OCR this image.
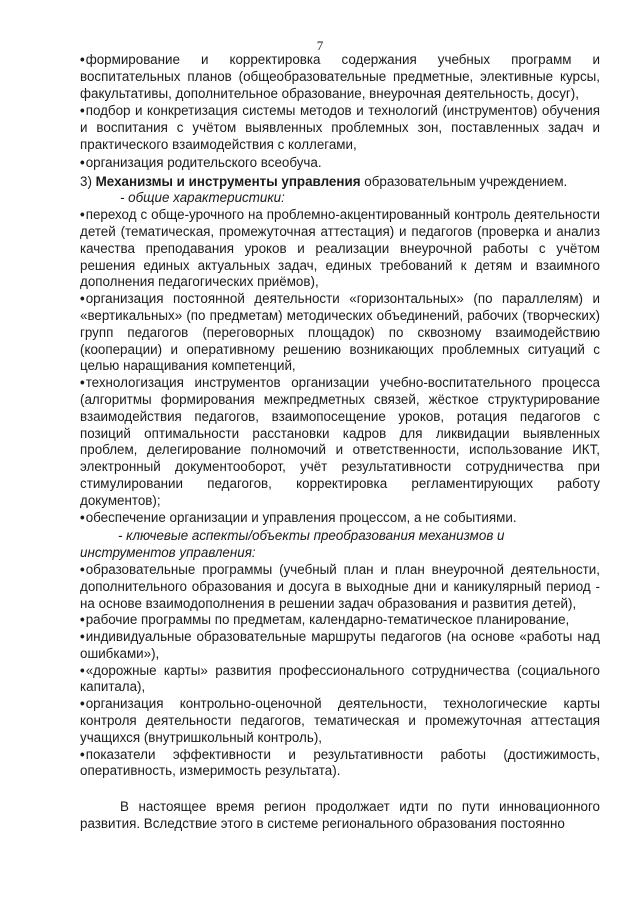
7

• формирование и корректировка содержания учебных программ и воспитательных планов (общеобразовательные предметные, элективные курсы, факультативы, дополнительное образование, внеурочная деятельность, досуг),

• подбор и конкретизация системы методов и технологий (инструментов) обучения и воспитания с учётом выявленных проблемных зон, поставленных задач и практического взаимодействия с коллегами,

• организация родительского всеобуча.

3) Механизмы и инструменты управления образовательным учреждением.

- общие характеристики:

• переход с обще-урочного на проблемно-акцентированный контроль деятельности детей (тематическая, промежуточная аттестация) и педагогов (проверка и анализ качества преподавания уроков и реализации внеурочной работы с учётом решения единых актуальных задач, единых требований к детям и взаимного дополнения педагогических приёмов),

• организация постоянной деятельности «горизонтальных» (по параллелям) и «вертикальных» (по предметам) методических объединений, рабочих (творческих) групп педагогов (переговорных площадок) по сквозному взаимодействию (кооперации) и оперативному решению возникающих проблемных ситуаций с целью наращивания компетенций,

• технологизация инструментов организации учебно-воспитательного процесса (алгоритмы формирования межпредметных связей, жёсткое структурирование взаимодействия педагогов, взаимопосещение уроков, ротация педагогов с позиций оптимальности расстановки кадров для ликвидации выявленных проблем, делегирование полномочий и ответственности, использование ИКТ, электронный документооборот, учёт результативности сотрудничества при стимулировании педагогов, корректировка регламентирующих работу документов);

• обеспечение организации и управления процессом, а не событиями.

- ключевые аспекты/объекты преобразования механизмов и
инструментов управления:

• образовательные программы (учебный план и план внеурочной деятельности, дополнительного образования и досуга в выходные дни и каникулярный период - на основе взаимодополнения в решении задач образования и развития детей),

• рабочие программы по предметам, календарно-тематическое планирование,

• индивидуальные образовательные маршруты педагогов (на основе «работы над ошибками»),

• «дорожные карты» развития профессионального сотрудничества (социального капитала),

• организация контрольно-оценочной деятельности, технологические карты контроля деятельности педагогов, тематическая и промежуточная аттестация учащихся (внутришкольный контроль),

• показатели эффективности и результативности работы (достижимость, оперативность, измеримость результата).

В настоящее время регион продолжает идти по пути инновационного развития. Вследствие этого в системе регионального образования постоянно
